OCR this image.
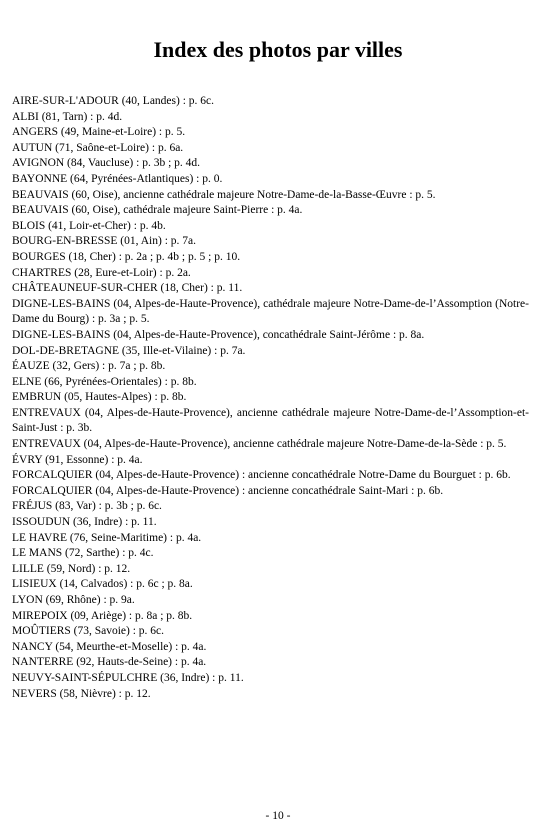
Index des photos par villes
AIRE-SUR-L'ADOUR (40, Landes) : p. 6c.
ALBI (81, Tarn) : p. 4d.
ANGERS (49, Maine-et-Loire) : p. 5.
AUTUN (71, Saône-et-Loire) : p. 6a.
AVIGNON (84, Vaucluse) : p. 3b ; p. 4d.
BAYONNE (64, Pyrénées-Atlantiques) : p. 0.
BEAUVAIS (60, Oise), ancienne cathédrale majeure Notre-Dame-de-la-Basse-Œuvre : p. 5.
BEAUVAIS (60, Oise), cathédrale majeure Saint-Pierre : p. 4a.
BLOIS (41, Loir-et-Cher) : p. 4b.
BOURG-EN-BRESSE (01, Ain) : p. 7a.
BOURGES (18, Cher) : p. 2a ; p. 4b ; p. 5 ; p. 10.
CHARTRES (28, Eure-et-Loir) : p. 2a.
CHÂTEAUNEUF-SUR-CHER (18, Cher) : p. 11.
DIGNE-LES-BAINS (04, Alpes-de-Haute-Provence), cathédrale majeure Notre-Dame-de-l’Assomption (Notre-Dame du Bourg) : p. 3a ; p. 5.
DIGNE-LES-BAINS (04, Alpes-de-Haute-Provence), concathédrale Saint-Jérôme : p. 8a.
DOL-DE-BRETAGNE (35, Ille-et-Vilaine) : p. 7a.
ÉAUZE (32, Gers) : p. 7a ; p. 8b.
ELNE (66, Pyrénées-Orientales) : p. 8b.
EMBRUN (05, Hautes-Alpes) : p. 8b.
ENTREVAUX (04, Alpes-de-Haute-Provence), ancienne cathédrale majeure Notre-Dame-de-l’Assomption-et-Saint-Just : p. 3b.
ENTREVAUX (04, Alpes-de-Haute-Provence), ancienne cathédrale majeure Notre-Dame-de-la-Sède : p. 5.
ÉVRY (91, Essonne) : p. 4a.
FORCALQUIER (04, Alpes-de-Haute-Provence) : ancienne concathédrale Notre-Dame du Bourguet : p. 6b.
FORCALQUIER (04, Alpes-de-Haute-Provence) : ancienne concathédrale Saint-Mari : p. 6b.
FRÉJUS (83, Var) : p. 3b ; p. 6c.
ISSOUDUN (36, Indre) : p. 11.
LE HAVRE (76, Seine-Maritime) : p. 4a.
LE MANS (72, Sarthe) : p. 4c.
LILLE (59, Nord) : p. 12.
LISIEUX (14, Calvados) : p. 6c ; p. 8a.
LYON (69, Rhône) : p. 9a.
MIREPOIX (09, Ariège) : p. 8a ; p. 8b.
MOÛTIERS (73, Savoie) : p. 6c.
NANCY (54, Meurthe-et-Moselle) : p. 4a.
NANTERRE (92, Hauts-de-Seine) : p. 4a.
NEUVY-SAINT-SÉPULCHRE (36, Indre) : p. 11.
NEVERS (58, Nièvre) : p. 12.
- 10 -
